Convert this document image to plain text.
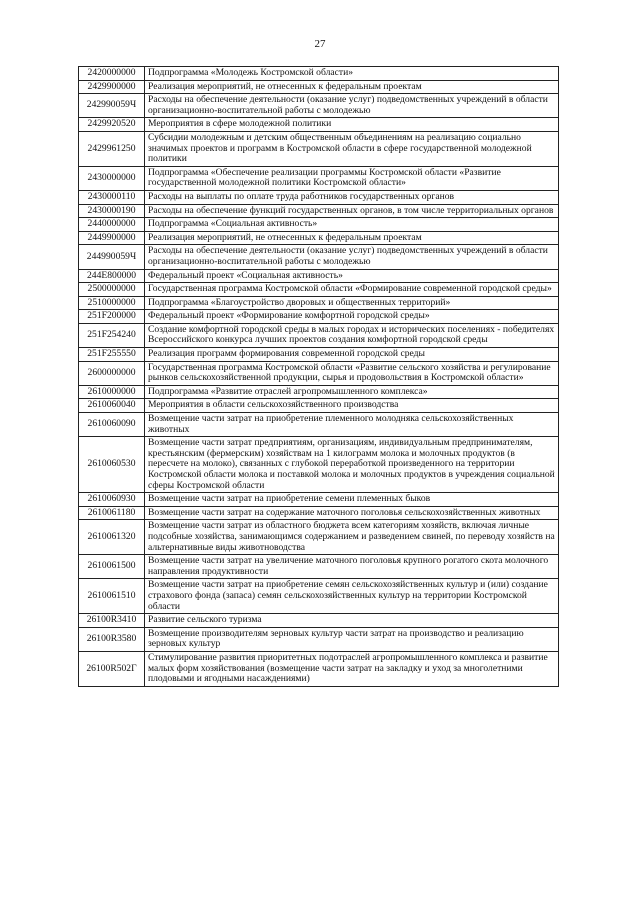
27
2420000000	Подпрограмма «Молодежь Костромской области»
2429900000	Реализация мероприятий, не отнесенных к федеральным проектам
242990059Ч	Расходы на обеспечение деятельности (оказание услуг) подведомственных учреждений в области организационно-воспитательной работы с молодежью
2429920520	Мероприятия в сфере молодежной политики
2429961250	Субсидии молодежным и детским общественным объединениям на реализацию социально значимых проектов и программ в Костромской области в сфере государственной молодежной политики
2430000000	Подпрограмма «Обеспечение реализации программы Костромской области «Развитие государственной молодежной политики Костромской области»
2430000110	Расходы на выплаты по оплате труда работников государственных органов
2430000190	Расходы на обеспечение функций государственных органов, в том числе территориальных органов
2440000000	Подпрограмма «Социальная активность»
2449900000	Реализация мероприятий, не отнесенных к федеральным проектам
244990059Ч	Расходы на обеспечение деятельности (оказание услуг) подведомственных учреждений в области организационно-воспитательной работы с молодежью
244E800000	Федеральный проект «Социальная активность»
2500000000	Государственная программа Костромской области «Формирование современной городской среды»
2510000000	Подпрограмма «Благоустройство дворовых и общественных территорий»
251F200000	Федеральный проект «Формирование комфортной городской среды»
251F254240	Создание комфортной городской среды в малых городах и исторических поселениях - победителях Всероссийского конкурса лучших проектов создания комфортной городской среды
251F255550	Реализация программ формирования современной городской среды
2600000000	Государственная программа Костромской области «Развитие сельского хозяйства и регулирование рынков сельскохозяйственной продукции, сырья и продовольствия в Костромской области»
2610000000	Подпрограмма «Развитие отраслей агропромышленного комплекса»
2610060040	Мероприятия в области сельскохозяйственного производства
2610060090	Возмещение части затрат на приобретение племенного молодняка сельскохозяйственных животных
2610060530	Возмещение части затрат предприятиям, организациям, индивидуальным предпринимателям, крестьянским (фермерским) хозяйствам на 1 килограмм молока и молочных продуктов (в пересчете на молоко), связанных с глубокой переработкой произведенного на территории Костромской области молока и поставкой молока и молочных продуктов в учреждения социальной сферы Костромской области
2610060930	Возмещение части затрат на приобретение семени племенных быков
2610061180	Возмещение части затрат на содержание маточного поголовья сельскохозяйственных животных
2610061320	Возмещение части затрат из областного бюджета всем категориям хозяйств, включая личные подсобные хозяйства, занимающимся содержанием и разведением свиней, по переводу хозяйств на альтернативные виды животноводства
2610061500	Возмещение части затрат на увеличение маточного поголовья крупного рогатого скота молочного направления продуктивности
2610061510	Возмещение части затрат на приобретение семян сельскохозяйственных культур и (или) создание страхового фонда (запаса) семян сельскохозяйственных культур на территории Костромской области
26100R3410	Развитие сельского туризма
26100R3580	Возмещение производителям зерновых культур части затрат на производство и реализацию зерновых культур
26100R502Г	Стимулирование развития приоритетных подотраслей агропромышленного комплекса и развитие малых форм хозяйствования (возмещение части затрат на закладку и уход за многолетними плодовыми и ягодными насаждениями)
